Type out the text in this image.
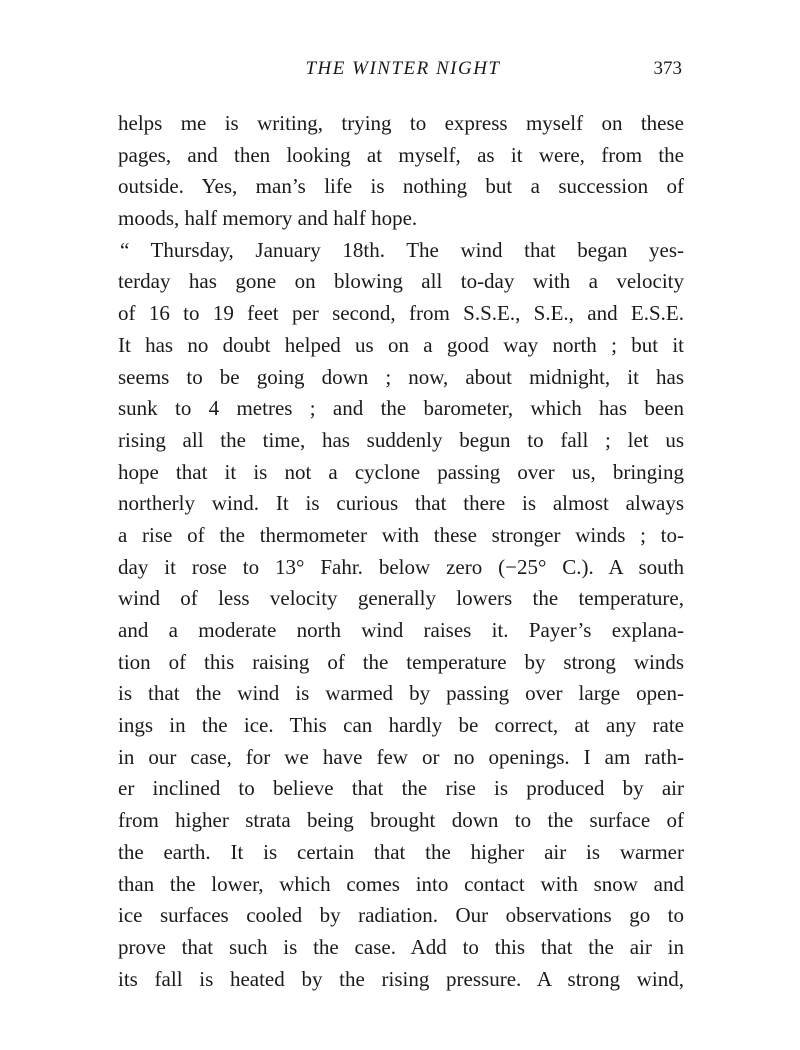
THE WINTER NIGHT	373
helps me is writing, trying to express myself on these
pages, and then looking at myself, as it were, from the
outside. Yes, man’s life is nothing but a succession of
moods, half memory and half hope.
“ Thursday, January 18th. The wind that began yes-
terday has gone on blowing all to-day with a velocity
of 16 to 19 feet per second, from S.S.E., S.E., and E.S.E.
It has no doubt helped us on a good way north ; but it
seems to be going down ; now, about midnight, it has
sunk to 4 metres ; and the barometer, which has been
rising all the time, has suddenly begun to fall ; let us
hope that it is not a cyclone passing over us, bringing
northerly wind. It is curious that there is almost always
a rise of the thermometer with these stronger winds ; to-
day it rose to 13° Fahr. below zero (−25° C.). A south
wind of less velocity generally lowers the temperature,
and a moderate north wind raises it. Payer’s explana-
tion of this raising of the temperature by strong winds
is that the wind is warmed by passing over large open-
ings in the ice. This can hardly be correct, at any rate
in our case, for we have few or no openings. I am rath-
er inclined to believe that the rise is produced by air
from higher strata being brought down to the surface of
the earth. It is certain that the higher air is warmer
than the lower, which comes into contact with snow and
ice surfaces cooled by radiation. Our observations go to
prove that such is the case. Add to this that the air in
its fall is heated by the rising pressure. A strong wind,
